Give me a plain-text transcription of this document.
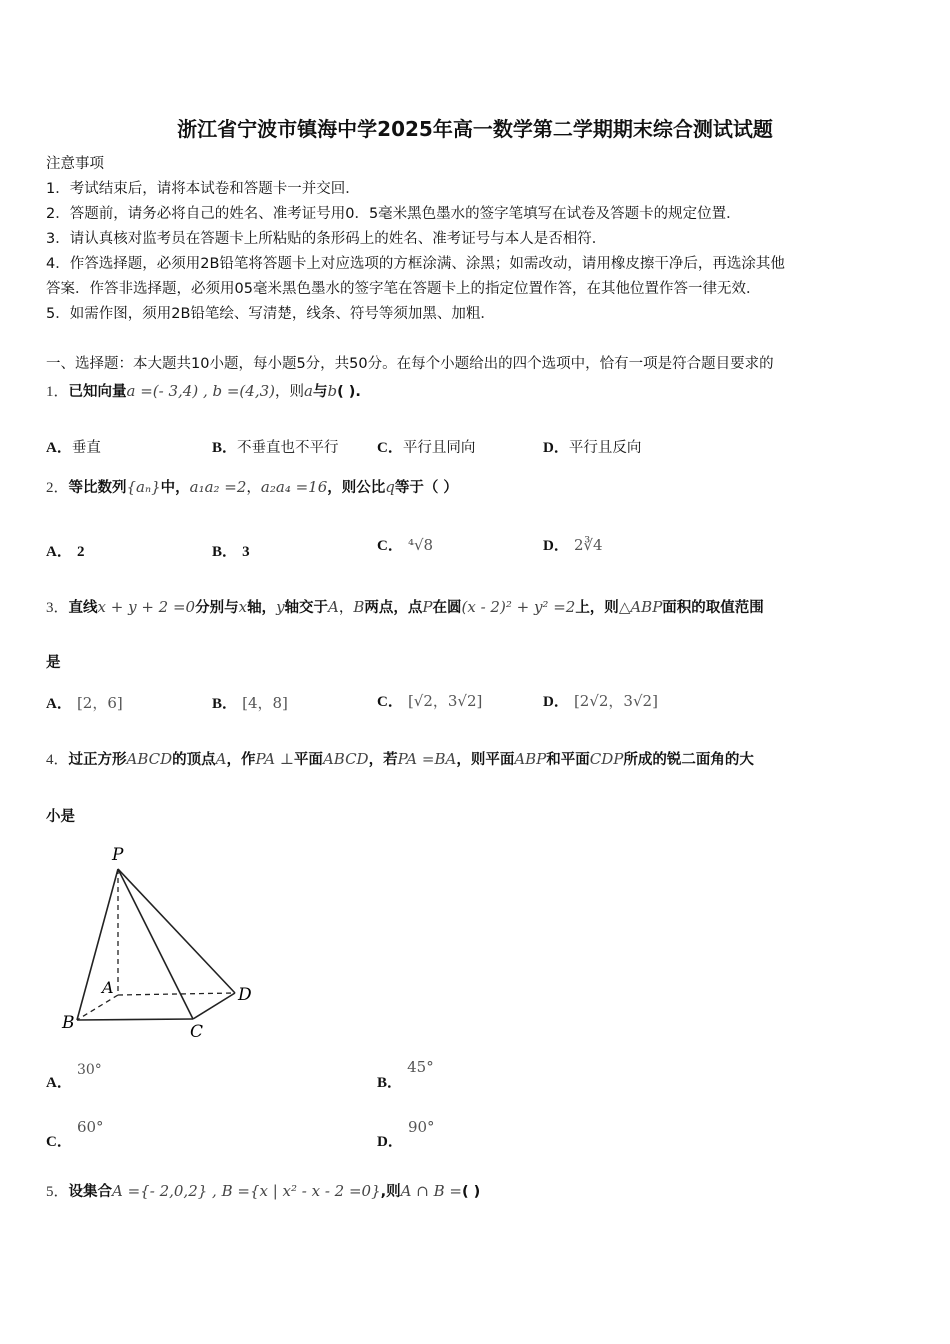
浙江省宁波市镇海中学2025年高一数学第二学期期末综合测试试题
注意事项
1．考试结束后，请将本试卷和答题卡一并交回．
2．答题前，请务必将自己的姓名、准考证号用0．5毫米黑色墨水的签字笔填写在试卷及答题卡的规定位置．
3．请认真核对监考员在答题卡上所粘贴的条形码上的姓名、准考证号与本人是否相符．
4．作答选择题，必须用2B铅笔将答题卡上对应选项的方框涂满、涂黑；如需改动，请用橡皮擦干净后，再选涂其他
答案．作答非选择题，必须用05毫米黑色墨水的签字笔在答题卡上的指定位置作答，在其他位置作答一律无效．
5．如需作图，须用2B铅笔绘、写清楚，线条、符号等须加黑、加粗．
一、选择题：本大题共10小题，每小题5分，共50分。在每个小题给出的四个选项中，恰有一项是符合题目要求的
1．已知向量a =(- 3,4) , b =(4,3)，则a与b( ).
A．垂直	B．不垂直也不平行	C．平行且同向	D．平行且反向
2．等比数列{aₙ}中，a₁a₂ =2，a₂a₄ =16，则公比q等于（ ）
A． 2	B． 3	C． ⁴√8	D． 2∛4
3．直线x + y + 2 =0分别与x轴，y轴交于A，B两点，点P在圆(x - 2)² + y² =2上，则△ABP面积的取值范围
是
A． [2，6]	B． [4，8]	C． [√2，3√2]	D． [2√2，3√2]
4．过正方形ABCD的顶点A，作PA ⊥平面ABCD，若PA =BA，则平面ABP和平面CDP所成的锐二面角的大
小是
P
A
B	C
D
A． 30°
B． 45°
C． 60°
D． 90°
5．设集合A ={- 2,0,2} , B ={x | x² - x - 2 =0},则A ∩ B =( )
